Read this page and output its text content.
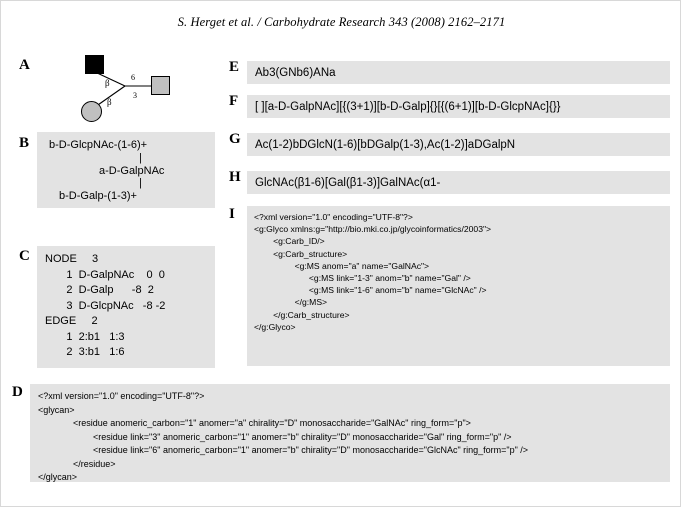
S. Herget et al. / Carbohydrate Research 343 (2008) 2162–2171
A
β
6
3
β
B b-D-GlcpNAc-(1-6)+
|
a-D-GalpNAc
|
b-D-Galp-(1-3)+
C NODE     3
1  D-GalpNAc    0  0
2  D-Galp      -8  2
3  D-GlcpNAc   -8 -2
EDGE     2
1  2:b1   1:3
2  3:b1   1:6
D <?xml version="1.0" encoding="UTF-8"?>
<glycan>
<residue anomeric_carbon="1" anomer="a" chirality="D" monosaccharide="GalNAc" ring_form="p">
<residue link="3" anomeric_carbon="1" anomer="b" chirality="D" monosaccharide="Gal" ring_form="p" />
<residue link="6" anomeric_carbon="1" anomer="b" chirality="D" monosaccharide="GlcNAc" ring_form="p" />
</residue>
</glycan>
E Ab3(GNb6)ANa
F [ ][a-D-GalpNAc][{(3+1)][b-D-Galp]{}[{(6+1)][b-D-GlcpNAc]{}}
G Ac(1-2)bDGlcN(1-6)[bDGalp(1-3),Ac(1-2)]aDGalpN
H GlcNAc(β1-6)[Gal(β1-3)]GalNAc(α1-
I <?xml version="1.0" encoding="UTF-8"?>
<g:Glyco xmlns:g="http://bio.mki.co.jp/glycoinformatics/2003">
<g:Carb_ID/>
<g:Carb_structure>
<g:MS anom="a" name="GalNAc">
<g:MS link="1-3" anom="b" name="Gal" />
<g:MS link="1-6" anom="b" name="GlcNAc" />
</g:MS>
</g:Carb_structure>
</g:Glyco>
